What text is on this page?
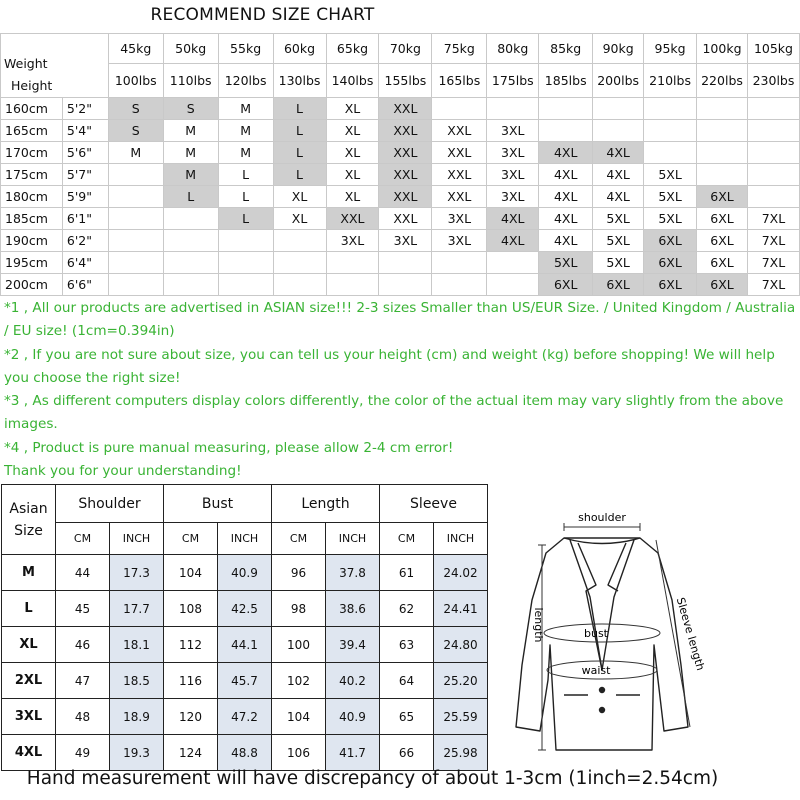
RECOMMEND SIZE CHART
Weight
Height		45kg	50kg	55kg	60kg	65kg	70kg	75kg	80kg	85kg	90kg	95kg	100kg	105kg
		100lbs	110lbs	120lbs	130lbs	140lbs	155lbs	165lbs	175lbs	185lbs	200lbs	210lbs	220lbs	230lbs
160cm	5'2"	S	S	M	L	XL	XXL							
165cm	5'4"	S	M	M	L	XL	XXL	XXL	3XL					
170cm	5'6"	M	M	M	L	XL	XXL	XXL	3XL	4XL	4XL			
175cm	5'7"		M	L	L	XL	XXL	XXL	3XL	4XL	4XL	5XL		
180cm	5'9"		L	L	XL	XL	XXL	XXL	3XL	4XL	4XL	5XL	6XL	
185cm	6'1"			L	XL	XXL	XXL	3XL	4XL	4XL	5XL	5XL	6XL	7XL
190cm	6'2"					3XL	3XL	3XL	4XL	4XL	5XL	6XL	6XL	7XL
195cm	6'4"									5XL	5XL	6XL	6XL	7XL
200cm	6'6"									6XL	6XL	6XL	6XL	7XL
*1 , All our products are advertised in ASIAN size!!! 2-3 sizes Smaller than US/EUR Size. / United Kingdom / Australia / EU size! (1cm=0.394in)
*2 , If you are not sure about size, you can tell us your height (cm) and weight (kg) before shopping! We will help you choose the right size!
*3 , As different computers display colors differently, the color of the actual item may vary slightly from the above images.
*4 , Product is pure manual measuring, please allow 2-4 cm error!
Thank you for your understanding!
Asian Size	Shoulder		Bust		Length		Sleeve	
	CM	INCH	CM	INCH	CM	INCH	CM	INCH
M	44	17.3	104	40.9	96	37.8	61	24.02
L	45	17.7	108	42.5	98	38.6	62	24.41
XL	46	18.1	112	44.1	100	39.4	63	24.80
2XL	47	18.5	116	45.7	102	40.2	64	25.20
3XL	48	18.9	120	47.2	104	40.9	65	25.59
4XL	49	19.3	124	48.8	106	41.7	66	25.98
shoulder
length	Sleeve length
bust
waist
Hand measurement will have discrepancy of about 1-3cm (1inch=2.54cm)
